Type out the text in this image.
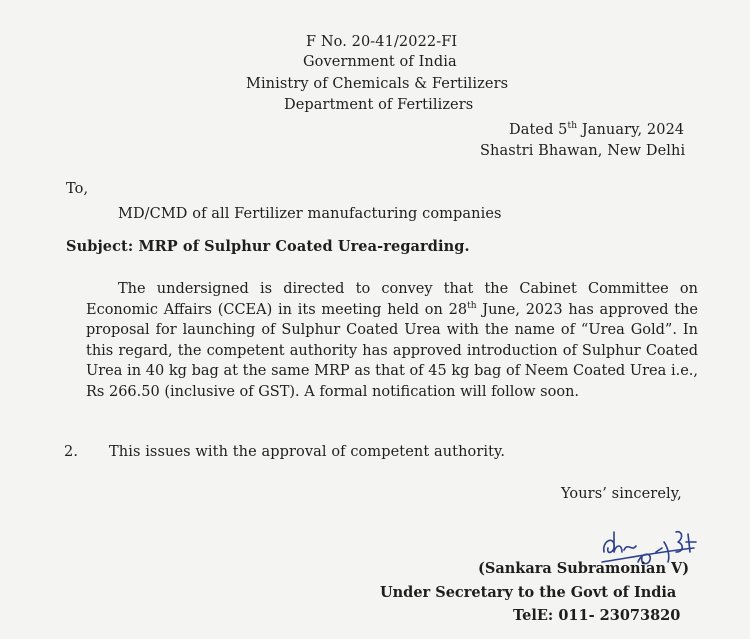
F No. 20-41/2022-FI

Government of India

Ministry of Chemicals & Fertilizers

Department of Fertilizers

Dated 5th January, 2024

Shastri Bhawan, New Delhi

To,

MD/CMD of all Fertilizer manufacturing companies

Subject: MRP of Sulphur Coated Urea-regarding.

The undersigned is directed to convey that the Cabinet Committee on Economic Affairs (CCEA) in its meeting held on 28th June, 2023 has approved the proposal for launching of Sulphur Coated Urea with the name of “Urea Gold”. In this regard, the competent authority has approved introduction of Sulphur Coated Urea in 40 kg bag at the same MRP as that of 45 kg bag of Neem Coated Urea i.e., Rs 266.50 (inclusive of GST). A formal notification will follow soon.

2. This issues with the approval of competent authority.

Yours’ sincerely,

(Sankara Subramonian V)

Under Secretary to the Govt of India

TelE: 011- 23073820
